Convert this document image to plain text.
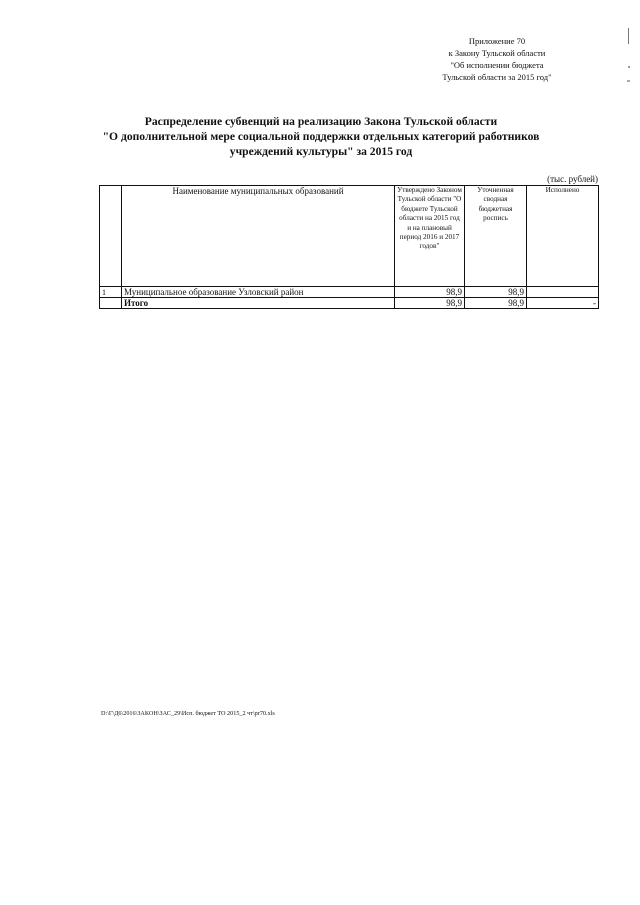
Приложение 70
к Закону Тульской области
"Об исполнении бюджета
Тульской области за 2015 год"
Распределение субвенций на реализацию Закона Тульской области
"О дополнительной мере социальной поддержки отдельных категорий работников
учреждений культуры" за 2015 год
(тыс. рублей)
	Наименование муниципальных образований	Утверждено Законом Тульской области "О бюджете Тульской области на 2015 год и на плановый период 2016 и 2017 годов"	Уточненная сводная бюджетная роспись	Исполнено
1	Муниципальное образование Узловский район	98,9	98,9	
	Итого	98,9	98,9	-
D:\Г\Д6\2016\ЗАКОН\ЗАС_29\Исп. бюджет ТО 2015_2 чт\pr70.xls
